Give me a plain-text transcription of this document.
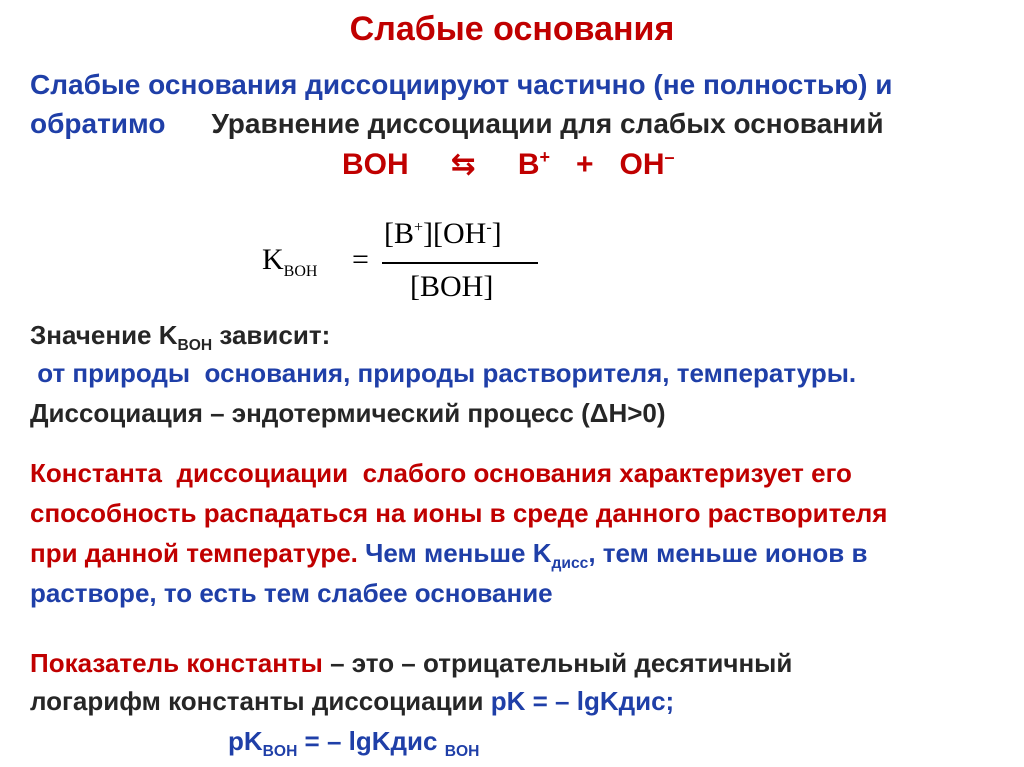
Слабые основания
Слабые основания диссоциируют частично (не полностью) и
обратимо Уравнение диссоциации для слабых оснований
BOH ⇆ B+ + OH–
$K_{BOH}$ =
[B+][OH-]
[BOH]
Значение $K_{BOH}$ зависит:
от природы  основания, природы растворителя, температуры.
Диссоциация – эндотермический процесс (ΔH>0)
Константа  диссоциации  слабого основания характеризует его
способность распадаться на ионы в среде данного растворителя
при данной температуре. Чем меньше $K_{дисс}$, тем меньше ионов в
растворе, то есть тем слабее основание
Показатель константы – это – отрицательный десятичный
логарифм константы диссоциации pK = – lgKдис;
$pK_{BOH}$ = – lgKдис $_{BOH}$
